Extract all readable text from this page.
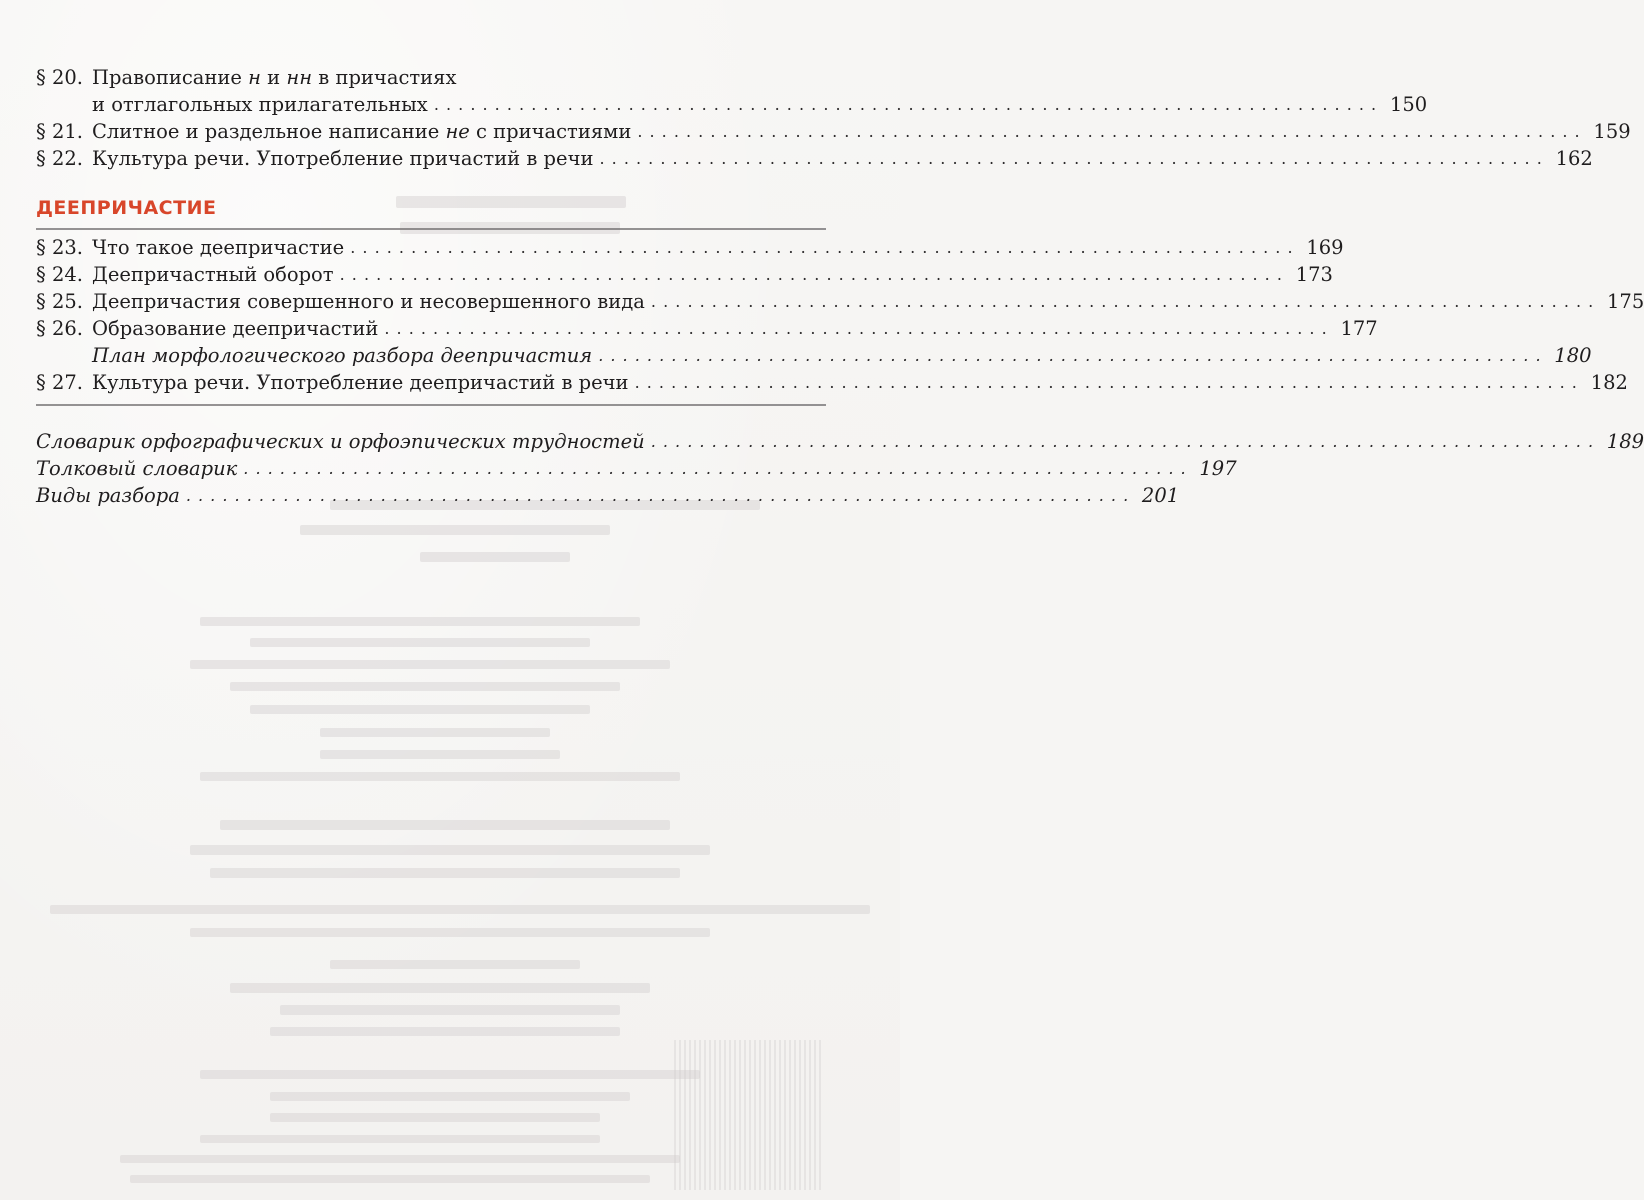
§ 20. Правописание н и нн в причастиях
и отглагольных прилагательных . . .	150
§ 21. Слитное и раздельное написание не с причастиями . . .	159
§ 22. Культура речи. Употребление причастий в речи . . .	162
ДЕЕПРИЧАСТИЕ
§ 23. Что такое деепричастие . . .	169
§ 24. Деепричастный оборот . . .	173
§ 25. Деепричастия совершенного и несовершенного вида . . .	175
§ 26. Образование деепричастий . . .	177
План морфологического разбора деепричастия . . .	180
§ 27. Культура речи. Употребление деепричастий в речи . . .	182
Словарик орфографических и орфоэпических трудностей . . .	189
Толковый словарик . . .	197
Виды разбора . . .	201
